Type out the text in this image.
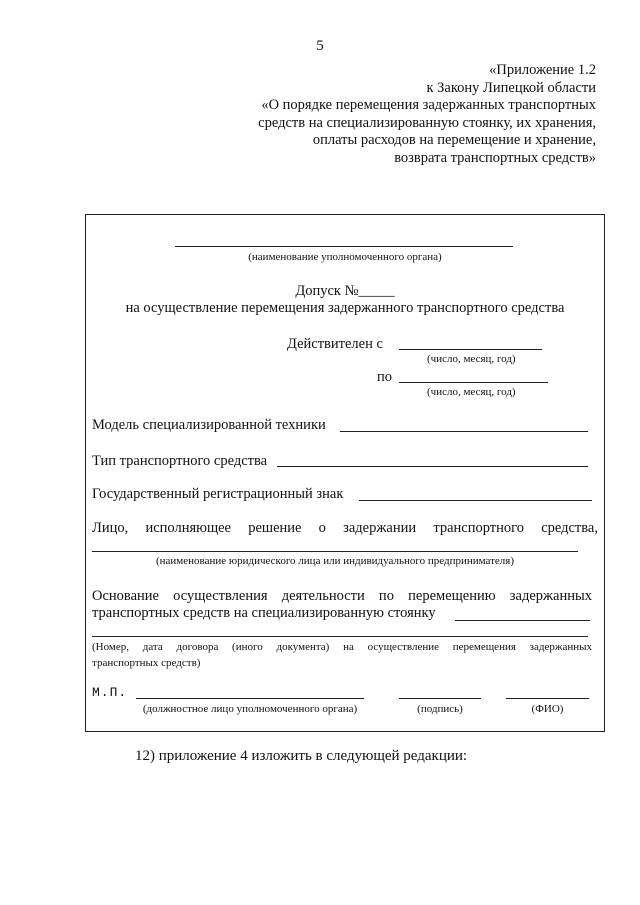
5
«Приложение 1.2
к Закону Липецкой области
«О порядке перемещения задержанных транспортных
средств на специализированную стоянку, их хранения,
оплаты расходов на перемещение и хранение,
возврата транспортных средств»
(наименование уполномоченного органа)
Допуск №_____
на осуществление перемещения задержанного транспортного средства
Действителен с
(число, месяц, год)
по
(число, месяц, год)
Модель специализированной техники
Тип транспортного средства
Государственный регистрационный знак
Лицо, исполняющее решение о задержании транспортного средства,
(наименование юридического лица или индивидуального предпринимателя)
Основание осуществления деятельности по перемещению задержанных
транспортных средств на специализированную стоянку
(Номер, дата договора (иного документа) на осуществление перемещения задержанных
транспортных средств)
М.П.
(должностное лицо уполномоченного органа)	(подпись)	(ФИО)
12) приложение 4 изложить в следующей редакции:
